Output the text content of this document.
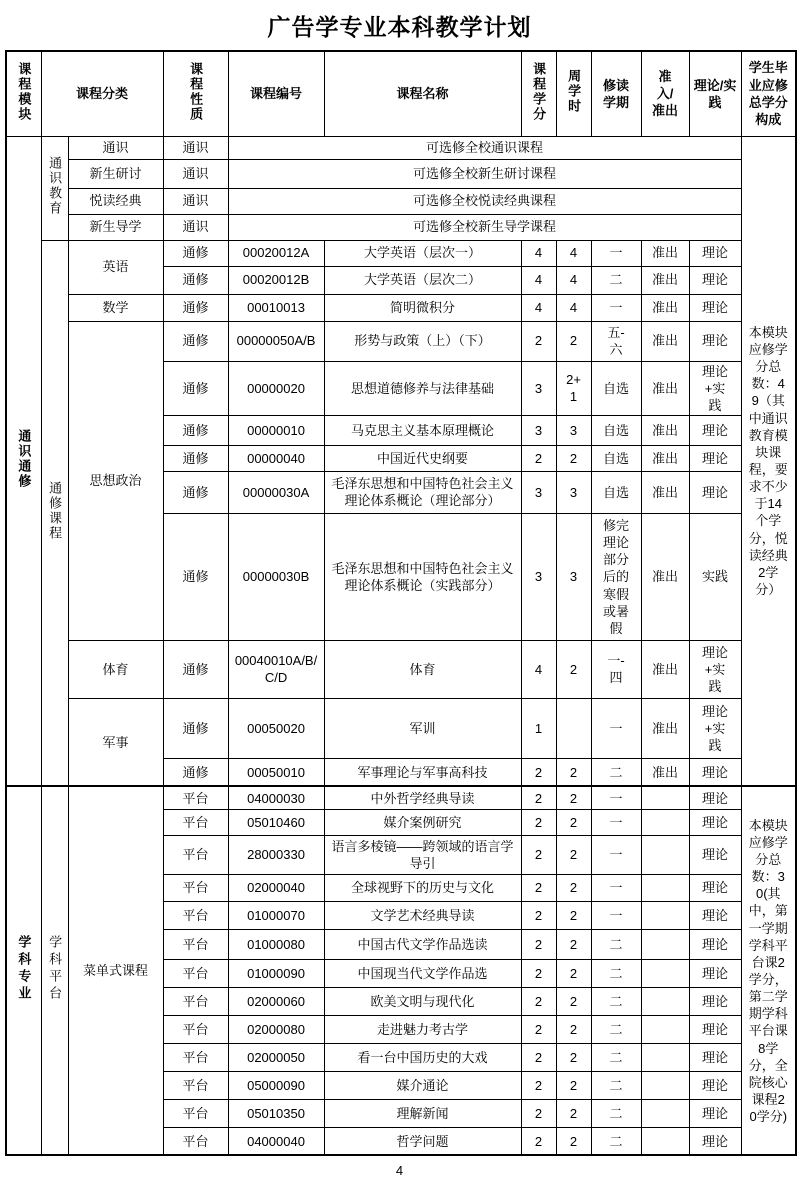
广告学专业本科教学计划
课程模块	课程分类		课程性质	课程编号	课程名称	课程学分	周学时	修读学期	准入/准出	理论/实践	学生毕业应修总学分构成
通识通修	通识教育	通识	通识	可选修全校通识课程							本模块应修学分总数：49（其中通识教育模块课程，要求不少于14个学分，悦读经典2学分）
		新生研讨	通识	可选修全校新生研讨课程							
		悦读经典	通识	可选修全校悦读经典课程							
		新生导学	通识	可选修全校新生导学课程							
	通修课程	英语	通修	00020012A	大学英语（层次一）	4	4	一	准出	理论	
			通修	00020012B	大学英语（层次二）	4	4	二	准出	理论	
		数学	通修	00010013	简明微积分	4	4	一	准出	理论	
		思想政治	通修	00000050A/B	形势与政策（上）（下）	2	2	五-六	准出	理论	
			通修	00000020	思想道德修养与法律基础	3	2+1	自选	准出	理论+实践	
			通修	00000010	马克思主义基本原理概论	3	3	自选	准出	理论	
			通修	00000040	中国近代史纲要	2	2	自选	准出	理论	
			通修	00000030A	毛泽东思想和中国特色社会主义理论体系概论（理论部分）	3	3	自选	准出	理论	
			通修	00000030B	毛泽东思想和中国特色社会主义理论体系概论（实践部分）	3	3	修完理论部分后的寒假或暑假	准出	实践	
		体育	通修	00040010A/B/C/D	体育	4	2	一-四	准出	理论+实践	
		军事	通修	00050020	军训	1		一	准出	理论+实践	
			通修	00050010	军事理论与军事高科技	2	2	二	准出	理论	
学科专业	学科平台	菜单式课程	平台	04000030	中外哲学经典导读	2	2	一		理论	本模块应修学分总数：30(其中，第一学期学科平台课2学分，第二学期学科平台课8学分，全院核心课程20学分)
			平台	05010460	媒介案例研究	2	2	一		理论	
			平台	28000330	语言多棱镜——跨领域的语言学导引	2	2	一		理论	
			平台	02000040	全球视野下的历史与文化	2	2	一		理论	
			平台	01000070	文学艺术经典导读	2	2	一		理论	
			平台	01000080	中国古代文学作品选读	2	2	二		理论	
			平台	01000090	中国现当代文学作品选	2	2	二		理论	
			平台	02000060	欧美文明与现代化	2	2	二		理论	
			平台	02000080	走进魅力考古学	2	2	二		理论	
			平台	02000050	看一台中国历史的大戏	2	2	二		理论	
			平台	05000090	媒介通论	2	2	二		理论	
			平台	05010350	理解新闻	2	2	二		理论	
			平台	04000040	哲学问题	2	2	二		理论	
4
